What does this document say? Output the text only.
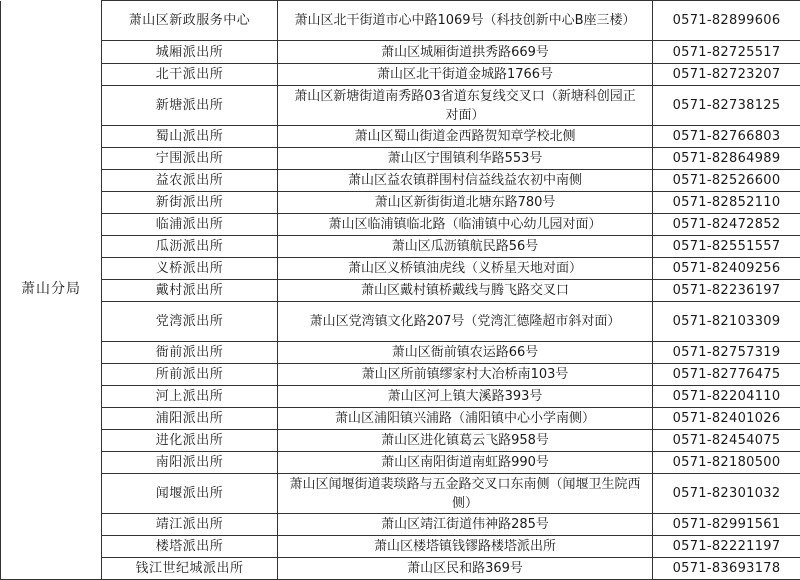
萧山分局	萧山区新政服务中心	萧山区北干街道市心中路1069号（科技创新中心B座三楼）	0571-82899606
	城厢派出所	萧山区城厢街道拱秀路669号	0571-82725517
	北干派出所	萧山区北干街道金城路1766号	0571-82723207
	新塘派出所	萧山区新塘街道南秀路03省道东复线交叉口（新塘科创园正对面）	0571-82738125
	蜀山派出所	萧山区蜀山街道金西路贺知章学校北侧	0571-82766803
	宁围派出所	萧山区宁围镇利华路553号	0571-82864989
	益农派出所	萧山区益农镇群围村信益线益农初中南侧	0571-82526600
	新街派出所	萧山区新街街道北塘东路780号	0571-82852110
	临浦派出所	萧山区临浦镇临北路（临浦镇中心幼儿园对面）	0571-82472852
	瓜沥派出所	萧山区瓜沥镇航民路56号	0571-82551557
	义桥派出所	萧山区义桥镇油虎线（义桥星天地对面）	0571-82409256
	戴村派出所	萧山区戴村镇桥戴线与腾飞路交叉口	0571-82236197
	党湾派出所	萧山区党湾镇文化路207号（党湾汇德隆超市斜对面）	0571-82103309
	衙前派出所	萧山区衙前镇农运路66号	0571-82757319
	所前派出所	萧山区所前镇缪家村大冶桥南103号	0571-82776475
	河上派出所	萧山区河上镇大溪路393号	0571-82204110
	浦阳派出所	萧山区浦阳镇兴浦路（浦阳镇中心小学南侧）	0571-82401026
	进化派出所	萧山区进化镇葛云飞路958号	0571-82454075
	南阳派出所	萧山区南阳街道南虹路990号	0571-82180500
	闻堰派出所	萧山区闻堰街道裴琰路与五金路交叉口东南侧（闻堰卫生院西侧）	0571-82301032
	靖江派出所	萧山区靖江街道伟神路285号	0571-82991561
	楼塔派出所	萧山区楼塔镇钱镠路楼塔派出所	0571-82221197
	钱江世纪城派出所	萧山区民和路369号	0571-83693178
